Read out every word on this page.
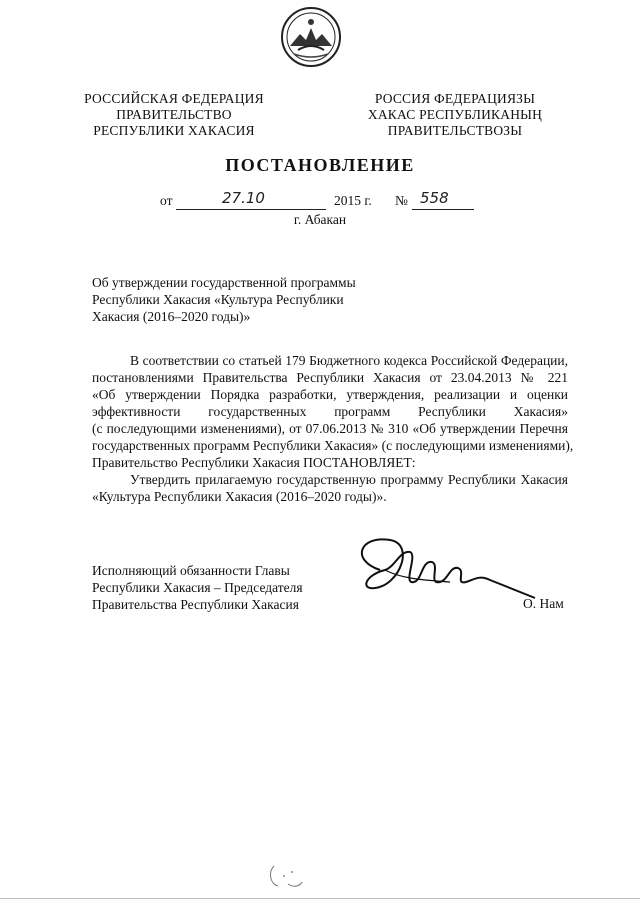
РОССИЙСКАЯ ФЕДЕРАЦИЯ
ПРАВИТЕЛЬСТВО
РЕСПУБЛИКИ ХАКАСИЯ
РОССИЯ ФЕДЕРАЦИЯЗЫ
ХАКАС РЕСПУБЛИКАНЫҢ
ПРАВИТЕЛЬСТВОЗЫ
ПОСТАНОВЛЕНИЕ
от	27.10	2015 г. № 558
г. Абакан
Об утверждении государственной программы
Республики Хакасия «Культура Республики
Хакасия (2016–2020 годы)»
В соответствии со статьей 179 Бюджетного кодекса Российской Федерации,
постановлениями Правительства Республики Хакасия от 23.04.2013 № 221
«Об утверждении Порядка разработки, утверждения, реализации и оценки
эффективности государственных программ Республики Хакасия»
(с последующими изменениями), от 07.06.2013 № 310 «Об утверждении Перечня
государственных программ Республики Хакасия» (с последующими изменениями),
Правительство Республики Хакасия ПОСТАНОВЛЯЕТ:
Утвердить прилагаемую государственную программу Республики Хакасия
«Культура Республики Хакасия (2016–2020 годы)».
Исполняющий обязанности Главы
Республики Хакасия – Председателя
Правительства Республики Хакасия	О. Нам
